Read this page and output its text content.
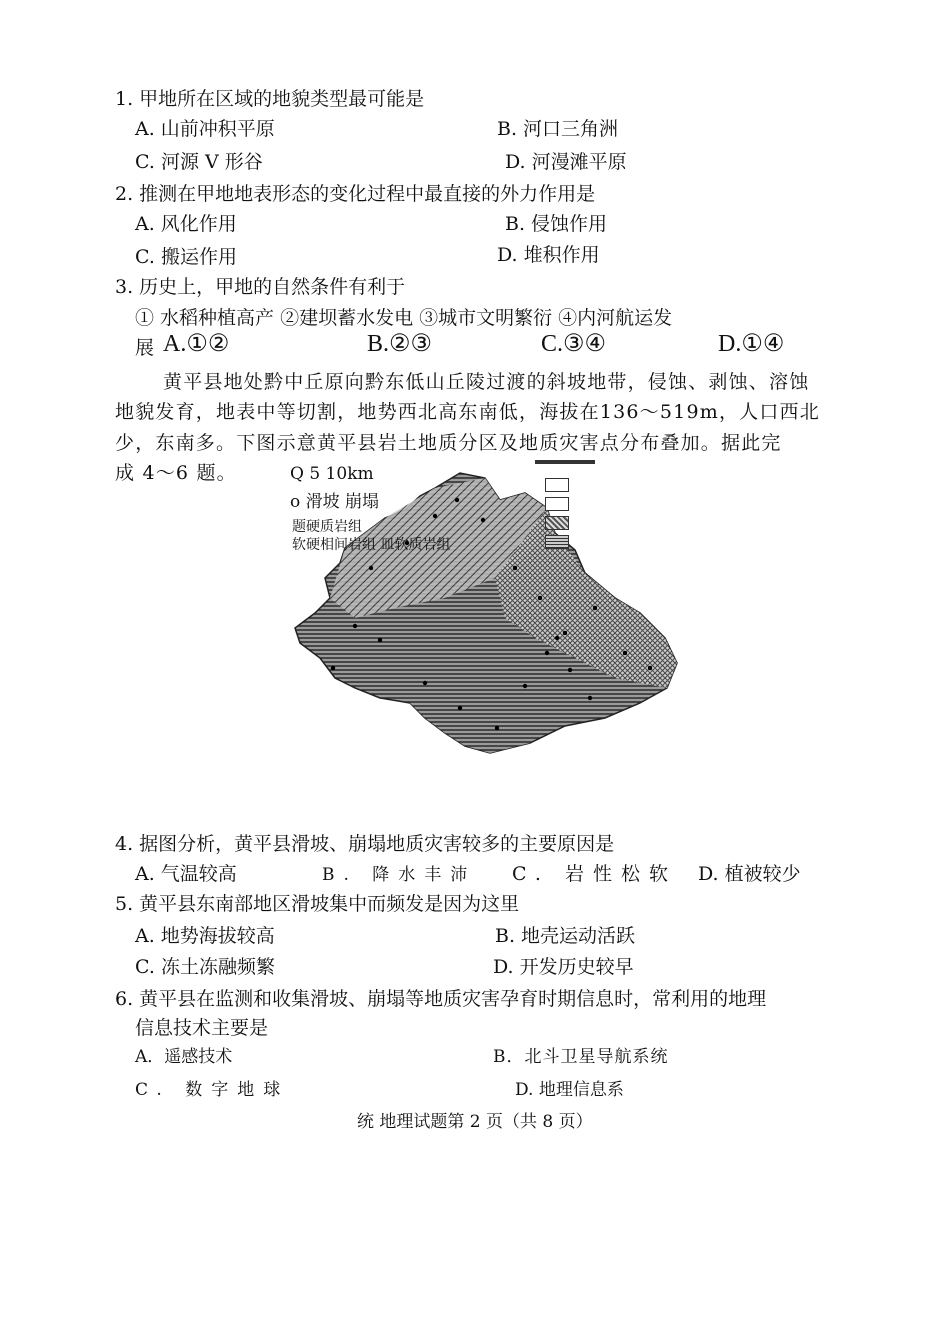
1. 甲地所在区域的地貌类型最可能是
A. 山前冲积平原	B. 河口三角洲
C. 河源 V 形谷	D. 河漫滩平原
2. 推测在甲地地表形态的变化过程中最直接的外力作用是
A. 风化作用	B. 侵蚀作用
C. 搬运作用	D. 堆积作用
3. 历史上，甲地的自然条件有利于
① 水稻种植高产 ②建坝蓄水发电 ③城市文明繁衍 ④内河航运发
展 A.①②	B.②③	C.③④	D.①④
黄平县地处黔中丘原向黔东低山丘陵过渡的斜坡地带，侵蚀、剥蚀、溶蚀
地貌发育，地表中等切割，地势西北高东南低，海拔在136～519m，人口西北
少，东南多。下图示意黄平县岩土地质分区及地质灾害点分布叠加。据此完
成 4～6 题。	Q 5 10km
o 滑坡 崩塌
题硬质岩组
软硬相间岩组 皿软质岩组
4. 据图分析，黄平县滑坡、崩塌地质灾害较多的主要原因是
A. 气温较高	B. 降水丰沛 C. 岩性松软 D. 植被较少
5. 黄平县东南部地区滑坡集中而频发是因为这里
A. 地势海拔较高	B. 地壳运动活跃
C. 冻土冻融频繁	D. 开发历史较早
6. 黄平县在监测和收集滑坡、崩塌等地质灾害孕育时期信息时，常利用的地理
信息技术主要是
A．遥感技术	B．北斗卫星导航系统
C. 数字地球	D. 地理信息系
统 地理试题第 2 页（共 8 页）
